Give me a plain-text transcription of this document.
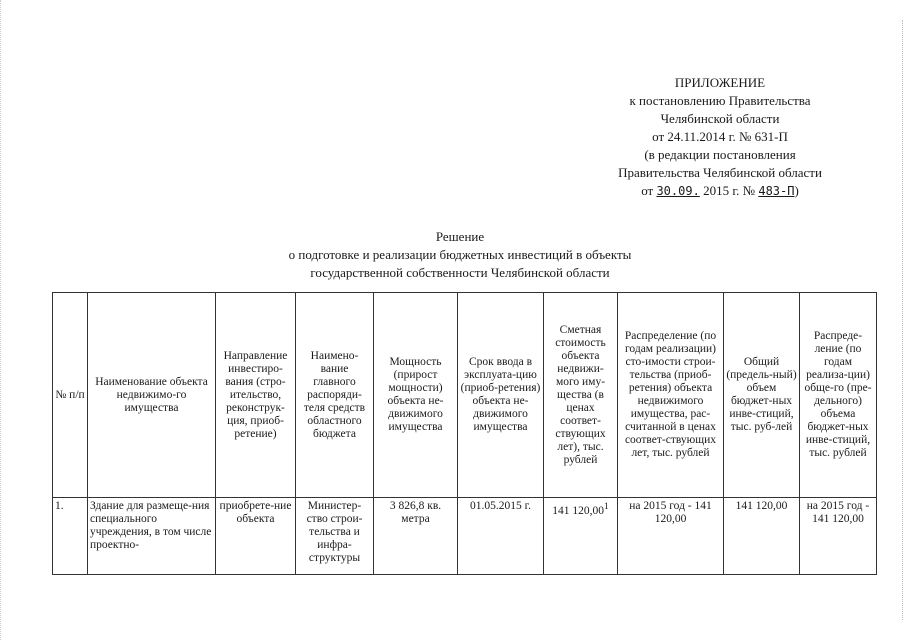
ПРИЛОЖЕНИЕ
к постановлению Правительства
Челябинской области
от 24.11.2014 г. № 631-П
(в редакции постановления
Правительства Челябинской области
от 30.09. 2015 г. № 483-П)
Решение
о подготовке и реализации бюджетных инвестиций в объекты
государственной собственности Челябинской области
№ п/п	Наименование объекта недвижимо-го имущества	Направление инвестиро-вания (стро-ительство, реконструк-ция, приоб-ретение)	Наимено-вание главного распоряди-теля средств областного бюджета	Мощность (прирост мощности) объекта не-движимого имущества	Срок ввода в эксплуата-цию (приоб-ретения) объекта не-движимого имущества	Сметная стоимость объекта недвижи-мого иму-щества (в ценах соответ-ствующих лет), тыс. рублей	Распределение (по годам реализации) сто-имости строи-тельства (приоб-ретения) объекта недвижимого имущества, рас-считанной в ценах соответ-ствующих лет, тыс. рублей	Общий (предель-ный) объем бюджет-ных инве-стиций, тыс. руб-лей	Распреде-ление (по годам реализа-ции) обще-го (пре-дельного) объема бюджет-ных инве-стиций, тыс. рублей
1.	Здание для размеще-ния специального учреждения, в том числе проектно-	приобрете-ние объекта	Министер-ство строи-тельства и инфра-структуры	3 826,8 кв. метра	01.05.2015 г.	141 120,00$^1$	на 2015 год - 141 120,00	141 120,00	на 2015 год - 141 120,00
